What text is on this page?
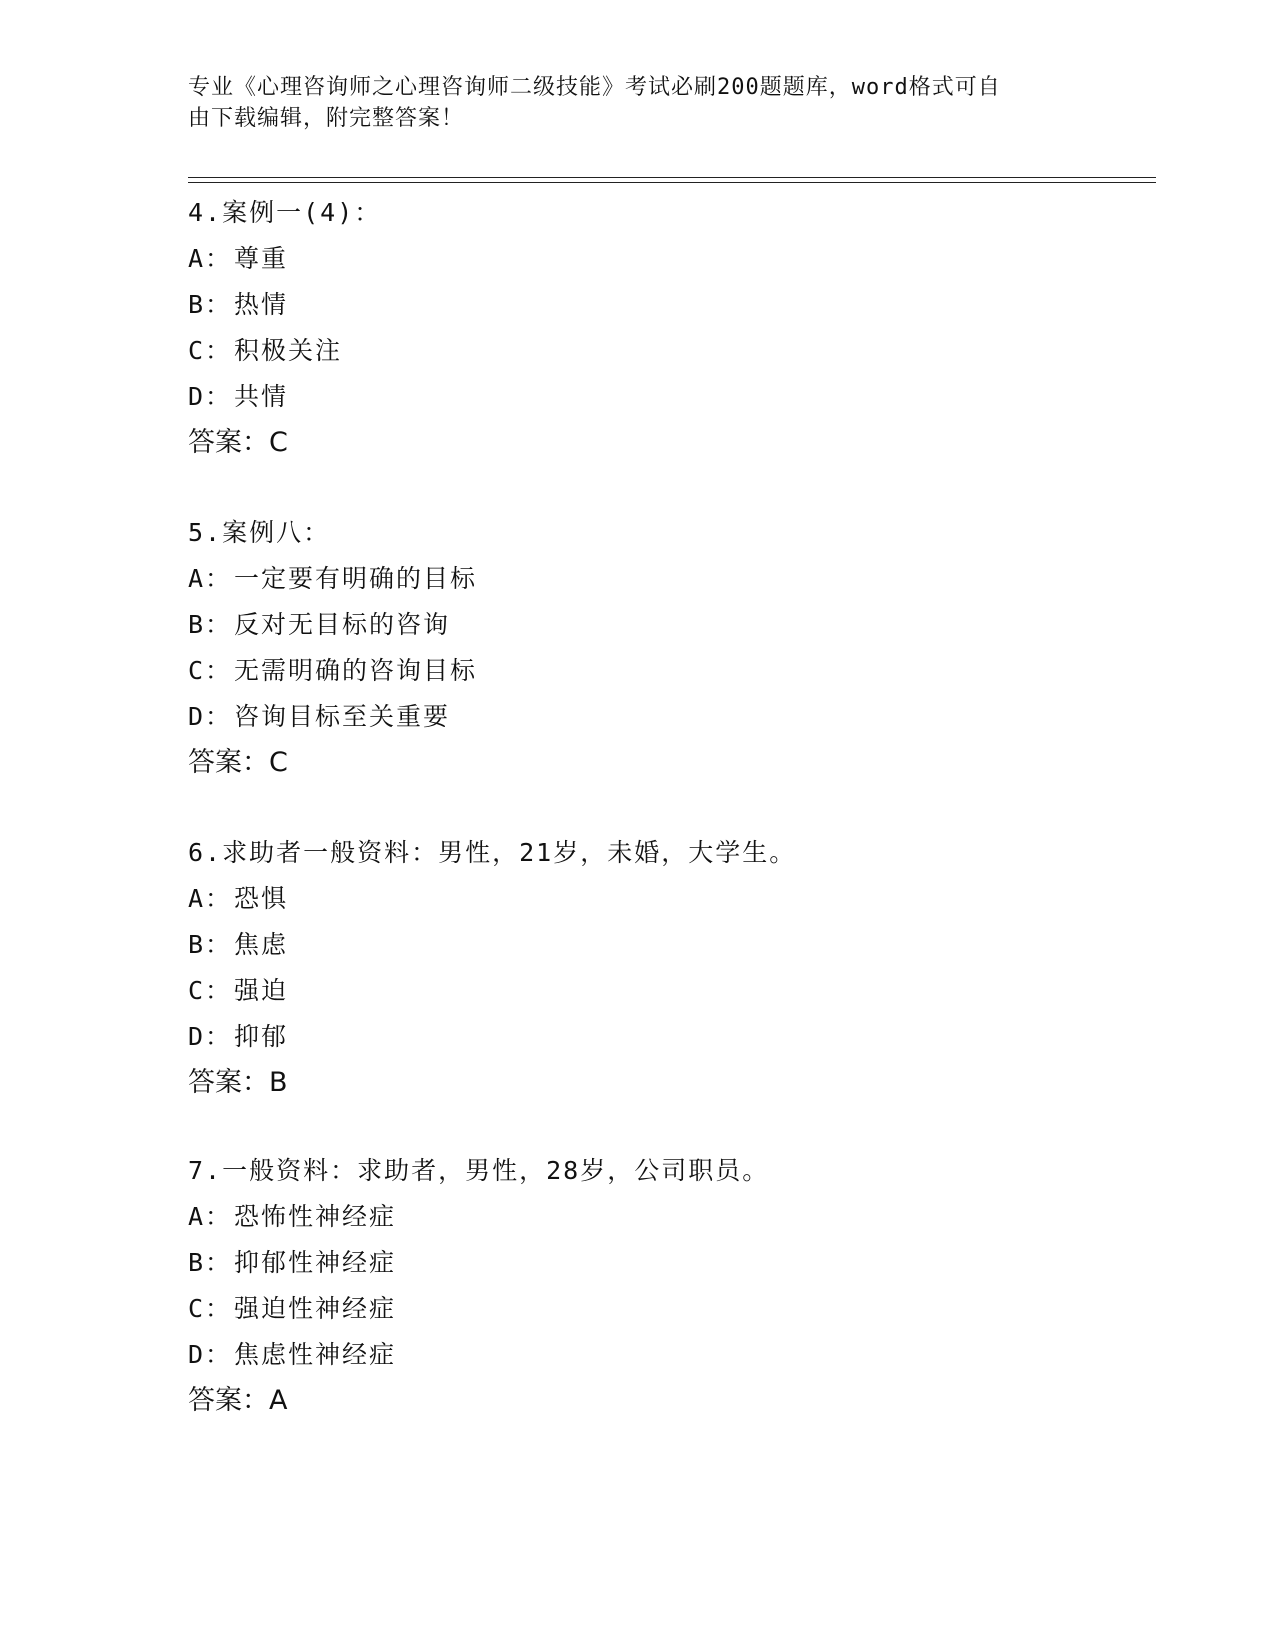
专业《心理咨询师之心理咨询师二级技能》考试必刷200题题库，word格式可自
由下载编辑，附完整答案！
4.案例一(4)：
A：尊重
B：热情
C：积极关注
D：共情
答案：C
5.案例八：
A：一定要有明确的目标
B：反对无目标的咨询
C：无需明确的咨询目标
D：咨询目标至关重要
答案：C
6.求助者一般资料：男性，21岁，未婚，大学生。
A：恐惧
B：焦虑
C：强迫
D：抑郁
答案：B
7.一般资料：求助者，男性，28岁，公司职员。
A：恐怖性神经症
B：抑郁性神经症
C：强迫性神经症
D：焦虑性神经症
答案：A
